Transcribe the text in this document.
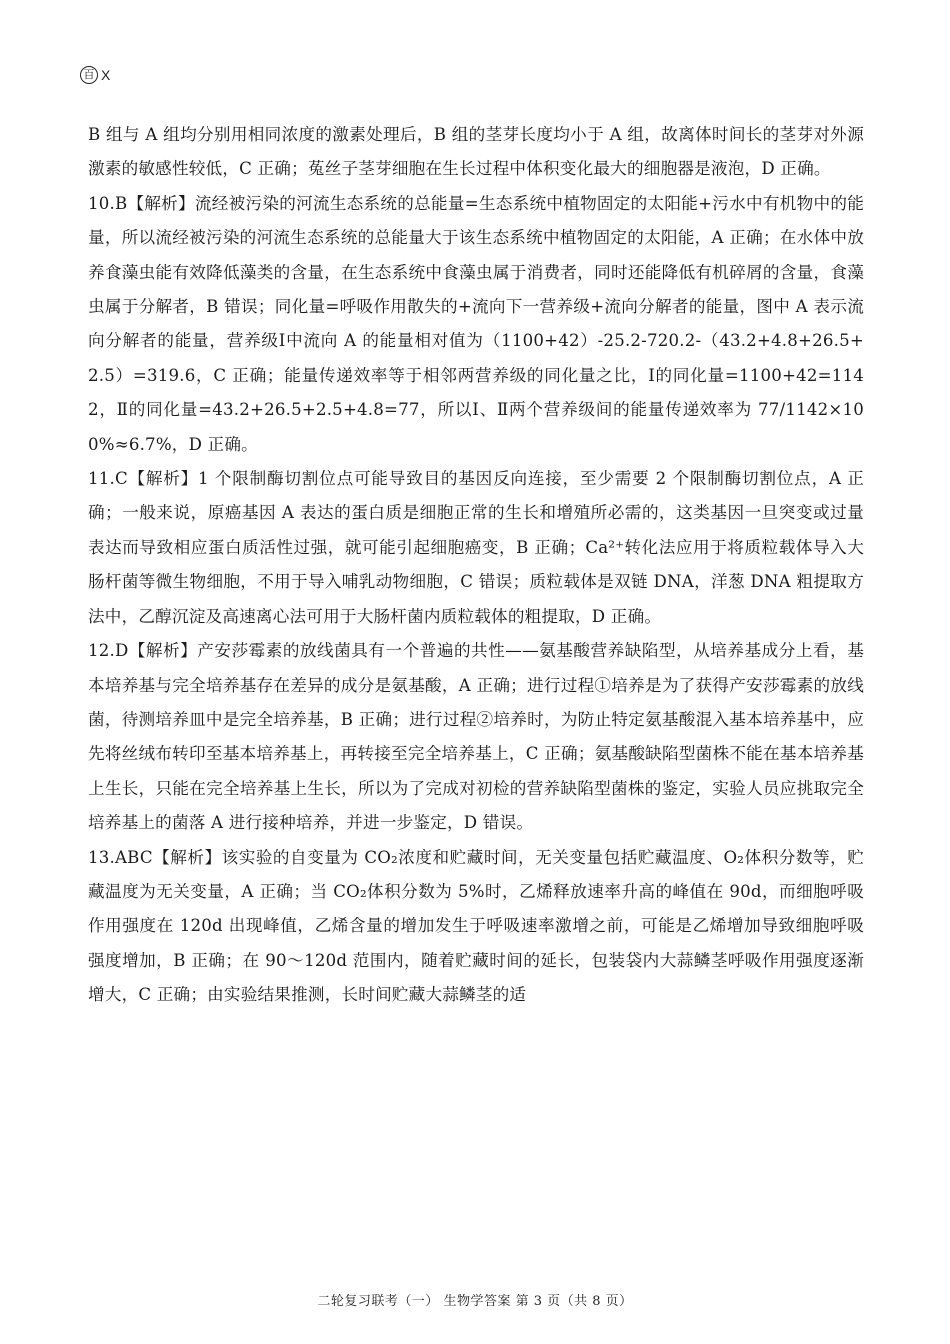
百 X

B 组与 A 组均分别用相同浓度的激素处理后，B 组的茎芽长度均小于 A 组，故离体时间长的茎芽对外源激素的敏感性较低，C 正确；菟丝子茎芽细胞在生长过程中体积变化最大的细胞器是液泡，D 正确。

10.B【解析】流经被污染的河流生态系统的总能量=生态系统中植物固定的太阳能+污水中有机物中的能量，所以流经被污染的河流生态系统的总能量大于该生态系统中植物固定的太阳能，A 正确；在水体中放养食藻虫能有效降低藻类的含量，在生态系统中食藻虫属于消费者，同时还能降低有机碎屑的含量，食藻虫属于分解者，B 错误；同化量=呼吸作用散失的+流向下一营养级+流向分解者的能量，图中 A 表示流向分解者的能量，营养级Ⅰ中流向 A 的能量相对值为（1100+42）-25.2-720.2-（43.2+4.8+26.5+2.5）=319.6，C 正确；能量传递效率等于相邻两营养级的同化量之比，Ⅰ的同化量=1100+42=1142，Ⅱ的同化量=43.2+26.5+2.5+4.8=77，所以Ⅰ、Ⅱ两个营养级间的能量传递效率为 77/1142×100%≈6.7%，D 正确。

11.C【解析】1 个限制酶切割位点可能导致目的基因反向连接，至少需要 2 个限制酶切割位点，A 正确；一般来说，原癌基因 A 表达的蛋白质是细胞正常的生长和增殖所必需的，这类基因一旦突变或过量表达而导致相应蛋白质活性过强，就可能引起细胞癌变，B 正确；Ca²⁺转化法应用于将质粒载体导入大肠杆菌等微生物细胞，不用于导入哺乳动物细胞，C 错误；质粒载体是双链 DNA，洋葱 DNA 粗提取方法中，乙醇沉淀及高速离心法可用于大肠杆菌内质粒载体的粗提取，D 正确。

12.D【解析】产安莎霉素的放线菌具有一个普遍的共性——氨基酸营养缺陷型，从培养基成分上看，基本培养基与完全培养基存在差异的成分是氨基酸，A 正确；进行过程①培养是为了获得产安莎霉素的放线菌，待测培养皿中是完全培养基，B 正确；进行过程②培养时，为防止特定氨基酸混入基本培养基中，应先将丝绒布转印至基本培养基上，再转接至完全培养基上，C 正确；氨基酸缺陷型菌株不能在基本培养基上生长，只能在完全培养基上生长，所以为了完成对初检的营养缺陷型菌株的鉴定，实验人员应挑取完全培养基上的菌落 A 进行接种培养，并进一步鉴定，D 错误。

13.ABC【解析】该实验的自变量为 CO₂浓度和贮藏时间，无关变量包括贮藏温度、O₂体积分数等，贮藏温度为无关变量，A 正确；当 CO₂体积分数为 5%时，乙烯释放速率升高的峰值在 90d，而细胞呼吸作用强度在 120d 出现峰值，乙烯含量的增加发生于呼吸速率激增之前，可能是乙烯增加导致细胞呼吸强度增加，B 正确；在 90～120d 范围内，随着贮藏时间的延长，包装袋内大蒜鳞茎呼吸作用强度逐渐增大，C 正确；由实验结果推测，长时间贮藏大蒜鳞茎的适

二轮复习联考（一） 生物学答案 第 3 页（共 8 页）
